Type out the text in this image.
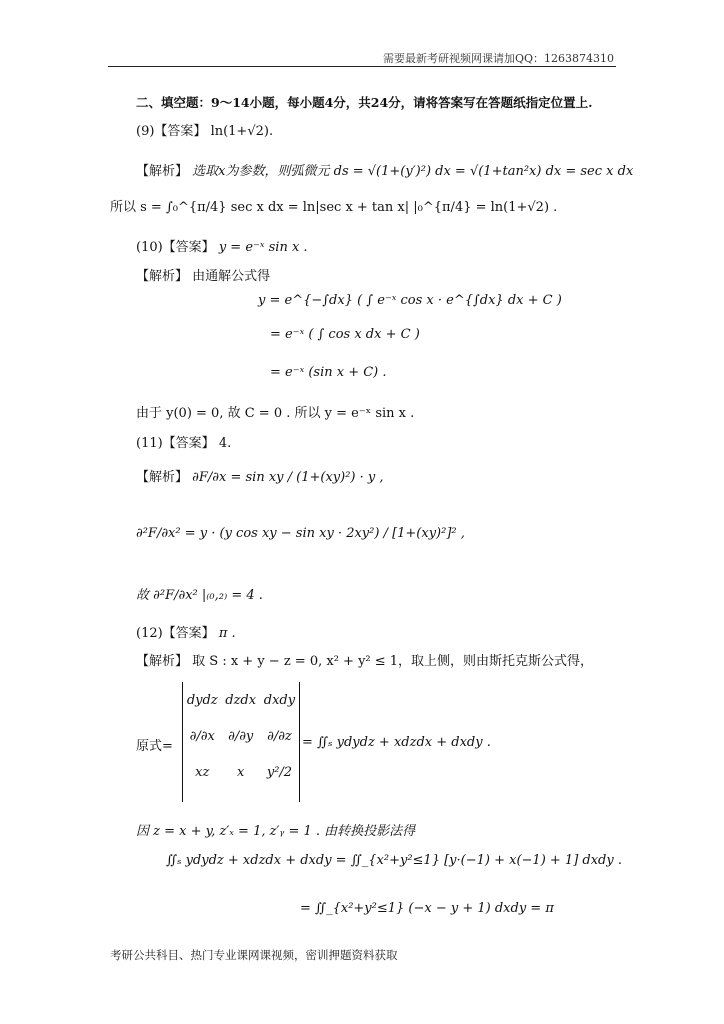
需要最新考研视频网课请加QQ：1263874310
二、填空题：9～14小题，每小题4分，共24分，请将答案写在答题纸指定位置上.
(9)【答案】 ln(1+√2).
【解析】 选取x为参数，则弧微元 ds = √(1+(y′)²) dx = √(1+tan²x) dx = sec x dx
所以 s = ∫₀^{π/4} sec x dx = ln|sec x + tan x| |₀^{π/4} = ln(1+√2) .
(10)【答案】 y = e⁻ˣ sin x .
【解析】 由通解公式得
y = e^{−∫dx} ( ∫ e⁻ˣ cos x · e^{∫dx} dx + C )
= e⁻ˣ ( ∫ cos x dx + C )
= e⁻ˣ (sin x + C) .
由于 y(0) = 0, 故 C = 0 . 所以 y = e⁻ˣ sin x .
(11)【答案】 4.
【解析】 ∂F/∂x = sin xy / (1+(xy)²) · y ,
∂²F/∂x² = y · (y cos xy − sin xy · 2xy²) / [1+(xy)²]² ,
故 ∂²F/∂x² |₍₀,₂₎ = 4 .
(12)【答案】 π .
【解析】 取 S : x + y − z = 0, x² + y² ≤ 1，取上侧，则由斯托克斯公式得，
原式=
dydz	dzdx	dxdy
∂/∂x	∂/∂y	∂/∂z
xz	x	y²/2
= ∬ₛ ydydz + xdzdx + dxdy .
因 z = x + y, z′ₓ = 1, z′ᵧ = 1 . 由转换投影法得
∬ₛ ydydz + xdzdx + dxdy = ∬_{x²+y²≤1} [y·(−1) + x(−1) + 1] dxdy .
= ∬_{x²+y²≤1} (−x − y + 1) dxdy = π
考研公共科目、热门专业课网课视频，密训押题资料获取
